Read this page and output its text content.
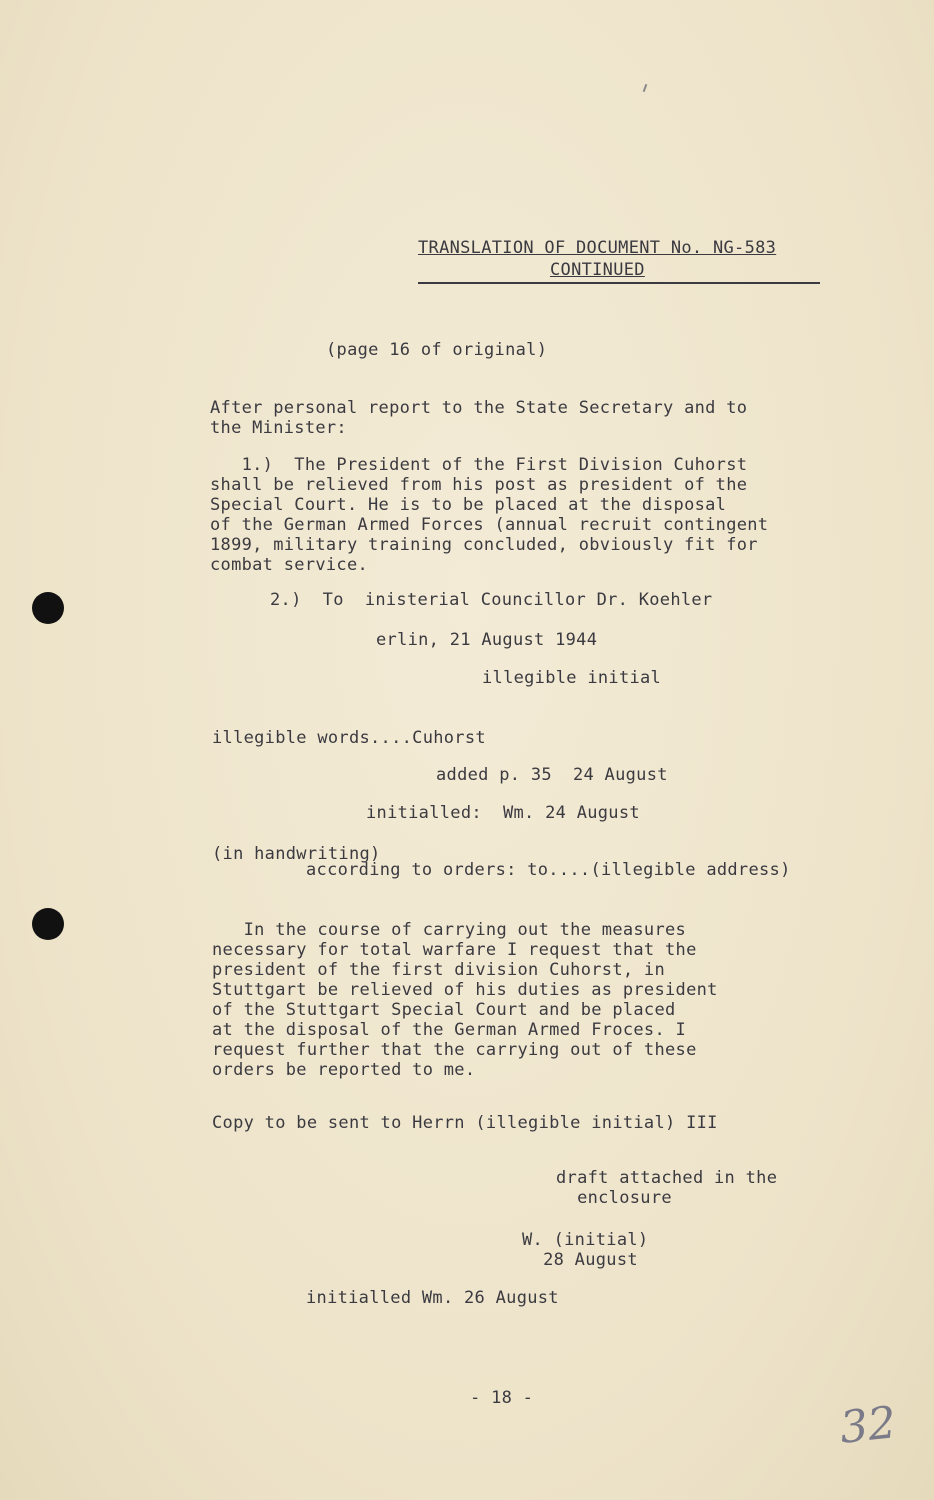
TRANSLATION OF DOCUMENT No. NG-583
CONTINUED
(page 16 of original)
After personal report to the State Secretary and to
the Minister:
1.)  The President of the First Division Cuhorst
shall be relieved from his post as president of the
Special Court. He is to be placed at the disposal
of the German Armed Forces (annual recruit contingent
1899, military training concluded, obviously fit for
combat service.
2.)  To  inisterial Councillor Dr. Koehler
erlin, 21 August 1944
illegible initial
illegible words....Cuhorst
added p. 35  24 August
initialled:  Wm. 24 August
(in handwriting)
according to orders: to....(illegible address)
In the course of carrying out the measures
necessary for total warfare I request that the
president of the first division Cuhorst, in
Stuttgart be relieved of his duties as president
of the Stuttgart Special Court and be placed
at the disposal of the German Armed Froces. I
request further that the carrying out of these
orders be reported to me.
Copy to be sent to Herrn (illegible initial) III
draft attached in the
enclosure
W. (initial)
28 August
initialled Wm. 26 August
- 18 -	32
